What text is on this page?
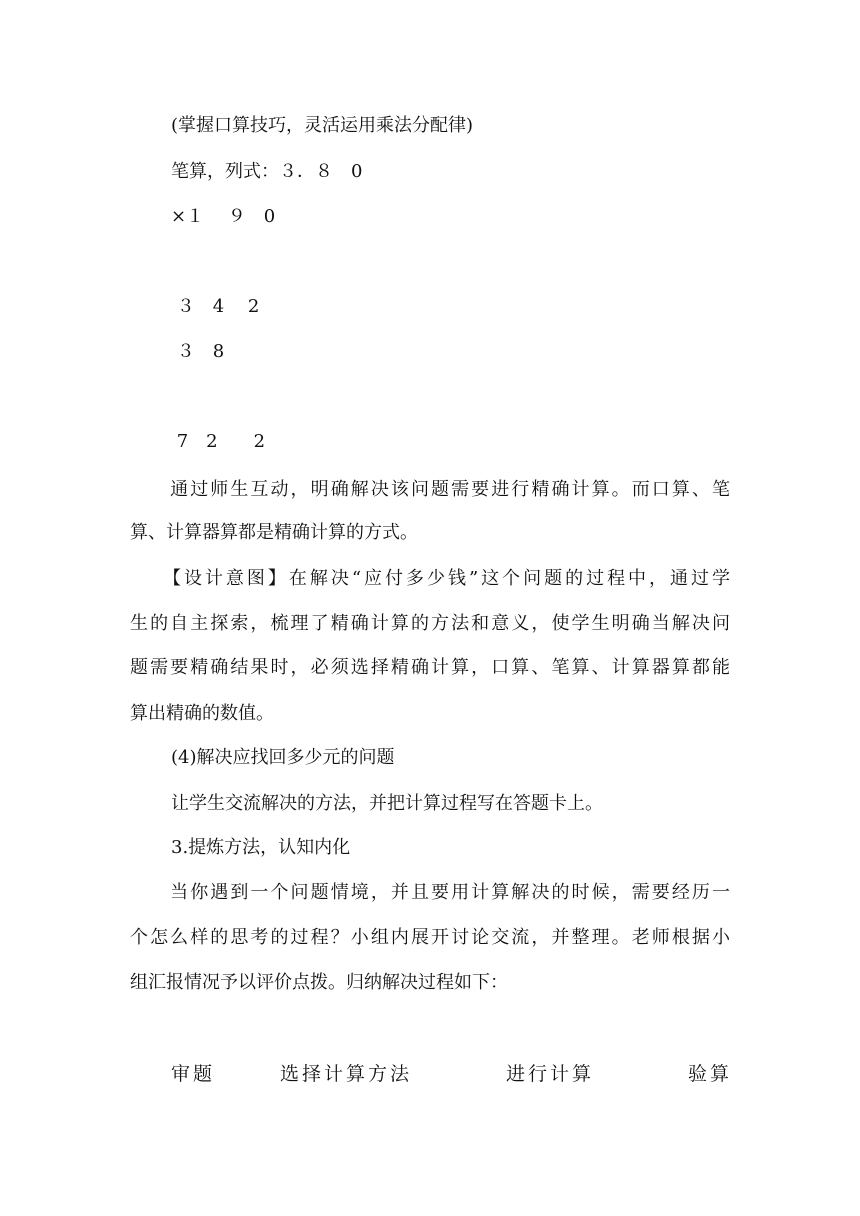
(掌握口算技巧，灵活运用乘法分配律)

笔算，列式：３．８　0

×１　 ９　0

３　4　 2

３　8

7　2　　2

　　通过师生互动，明确解决该问题需要进行精确计算。而口算、笔

算、计算器算都是精确计算的方式。

　　【设计意图】在解决“应付多少钱”这个问题的过程中，通过学

生的自主探索，梳理了精确计算的方法和意义，使学生明确当解决问

题需要精确结果时，必须选择精确计算，口算、笔算、计算器算都能

算出精确的数值。

(4)解决应找回多少元的问题

让学生交流解决的方法，并把计算过程写在答题卡上。

3.提炼方法，认知内化

　　当你遇到一个问题情境，并且要用计算解决的时候，需要经历一

个怎么样的思考的过程？小组内展开讨论交流，并整理。老师根据小

组汇报情况予以评价点拨。归纳解决过程如下：

审题	选择计算方法	进行计算	验算
